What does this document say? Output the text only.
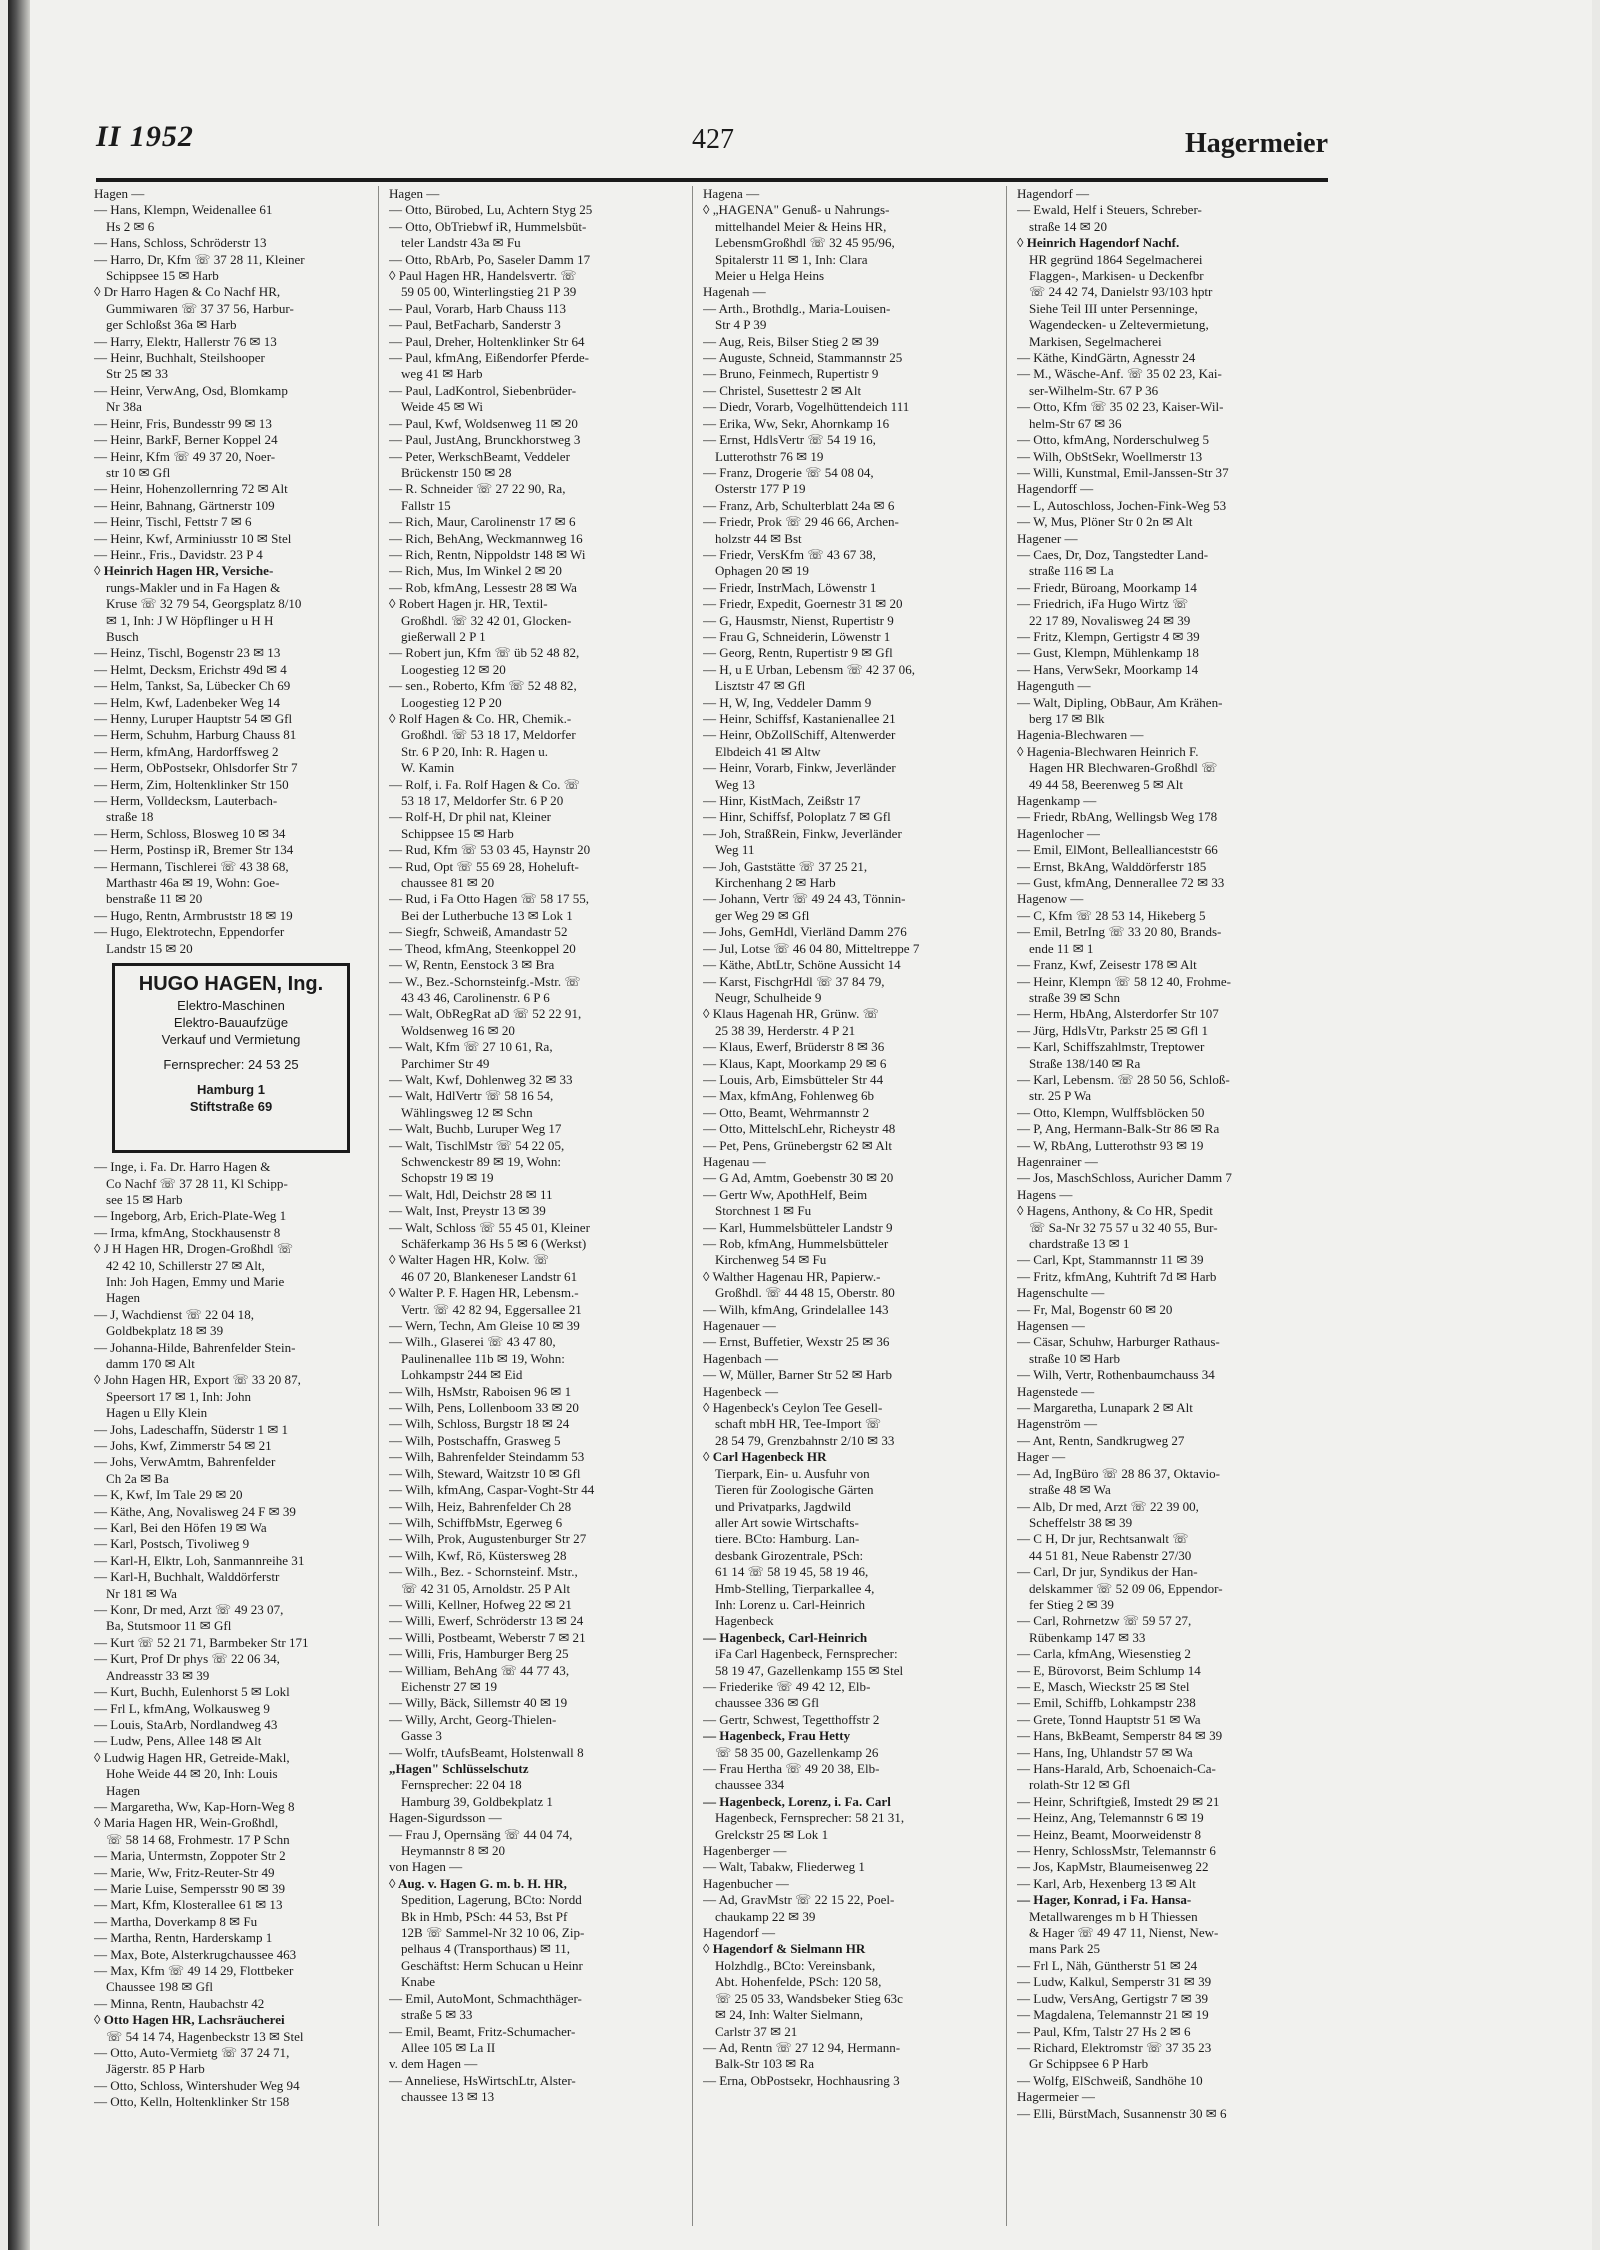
II 1952	427	Hagermeier
Hagen —
— Hans, Klempn, Weidenallee 61
Hs 2 ✉ 6
— Hans, Schloss, Schröderstr 13
— Harro, Dr, Kfm ☏ 37 28 11, Kleiner
Schippsee 15 ✉ Harb
◊ Dr Harro Hagen & Co Nachf HR,
Gummiwaren ☏ 37 37 56, Harbur-
ger Schloßst 36a ✉ Harb
— Harry, Elektr, Hallerstr 76 ✉ 13
— Heinr, Buchhalt, Steilshooper
Str 25 ✉ 33
— Heinr, VerwAng, Osd, Blomkamp
Nr 38a
— Heinr, Fris, Bundesstr 99 ✉ 13
— Heinr, BarkF, Berner Koppel 24
— Heinr, Kfm ☏ 49 37 20, Noer-
str 10 ✉ Gfl
— Heinr, Hohenzollernring 72 ✉ Alt
— Heinr, Bahnang, Gärtnerstr 109
— Heinr, Tischl, Fettstr 7 ✉ 6
— Heinr, Kwf, Arminiusstr 10 ✉ Stel
— Heinr., Fris., Davidstr. 23 P 4
◊ Heinrich Hagen HR, Versiche-
rungs-Makler und in Fa Hagen &
Kruse ☏ 32 79 54, Georgsplatz 8/10
✉ 1, Inh: J W Höpflinger u H H
Busch
— Heinz, Tischl, Bogenstr 23 ✉ 13
— Helmt, Decksm, Erichstr 49d ✉ 4
— Helm, Tankst, Sa, Lübecker Ch 69
— Helm, Kwf, Ladenbeker Weg 14
— Henny, Luruper Hauptstr 54 ✉ Gfl
— Herm, Schuhm, Harburg Chauss 81
— Herm, kfmAng, Hardorffsweg 2
— Herm, ObPostsekr, Ohlsdorfer Str 7
— Herm, Zim, Holtenklinker Str 150
— Herm, Volldecksm, Lauterbach-
straße 18
— Herm, Schloss, Blosweg 10 ✉ 34
— Herm, Postinsp iR, Bremer Str 134
— Hermann, Tischlerei ☏ 43 38 68,
Marthastr 46a ✉ 19, Wohn: Goe-
benstraße 11 ✉ 20
— Hugo, Rentn, Armbruststr 18 ✉ 19
— Hugo, Elektrotechn, Eppendorfer
Landstr 15 ✉ 20
HUGO HAGEN, Ing.
Elektro-Maschinen
Elektro-Bauaufzüge
Verkauf und Vermietung
Fernsprecher: 24 53 25
Hamburg 1
Stiftstraße 69
— Inge, i. Fa. Dr. Harro Hagen &
Co Nachf ☏ 37 28 11, Kl Schipp-
see 15 ✉ Harb
— Ingeborg, Arb, Erich-Plate-Weg 1
— Irma, kfmAng, Stockhausenstr 8
◊ J H Hagen HR, Drogen-Großhdl ☏
42 42 10, Schillerstr 27 ✉ Alt,
Inh: Joh Hagen, Emmy und Marie
Hagen
— J, Wachdienst ☏ 22 04 18,
Goldbekplatz 18 ✉ 39
— Johanna-Hilde, Bahrenfelder Stein-
damm 170 ✉ Alt
◊ John Hagen HR, Export ☏ 33 20 87,
Speersort 17 ✉ 1, Inh: John
Hagen u Elly Klein
— Johs, Ladeschaffn, Süderstr 1 ✉ 1
— Johs, Kwf, Zimmerstr 54 ✉ 21
— Johs, VerwAmtm, Bahrenfelder
Ch 2a ✉ Ba
— K, Kwf, Im Tale 29 ✉ 20
— Käthe, Ang, Novalisweg 24 F ✉ 39
— Karl, Bei den Höfen 19 ✉ Wa
— Karl, Postsch, Tivoliweg 9
— Karl-H, Elktr, Loh, Sanmannreihe 31
— Karl-H, Buchhalt, Walddörferstr
Nr 181 ✉ Wa
— Konr, Dr med, Arzt ☏ 49 23 07,
Ba, Stutsmoor 11 ✉ Gfl
— Kurt ☏ 52 21 71, Barmbeker Str 171
— Kurt, Prof Dr phys ☏ 22 06 34,
Andreasstr 33 ✉ 39
— Kurt, Buchh, Eulenhorst 5 ✉ Lokl
— Frl L, kfmAng, Wolkausweg 9
— Louis, StaArb, Nordlandweg 43
— Ludw, Pens, Allee 148 ✉ Alt
◊ Ludwig Hagen HR, Getreide-Makl,
Hohe Weide 44 ✉ 20, Inh: Louis
Hagen
— Margaretha, Ww, Kap-Horn-Weg 8
◊ Maria Hagen HR, Wein-Großhdl,
☏ 58 14 68, Frohmestr. 17 P Schn
— Maria, Untermstn, Zoppoter Str 2
— Marie, Ww, Fritz-Reuter-Str 49
— Marie Luise, Sempersstr 90 ✉ 39
— Mart, Kfm, Klosterallee 61 ✉ 13
— Martha, Doverkamp 8 ✉ Fu
— Martha, Rentn, Harderskamp 1
— Max, Bote, Alsterkrugchaussee 463
— Max, Kfm ☏ 49 14 29, Flottbeker
Chaussee 198 ✉ Gfl
— Minna, Rentn, Haubachstr 42
◊ Otto Hagen HR, Lachsräucherei
☏ 54 14 74, Hagenbeckstr 13 ✉ Stel
— Otto, Auto-Vermietg ☏ 37 24 71,
Jägerstr. 85 P Harb
— Otto, Schloss, Wintershuder Weg 94
— Otto, Kelln, Holtenklinker Str 158
Hagen —
— Otto, Bürobed, Lu, Achtern Styg 25
— Otto, ObTriebwf iR, Hummelsbüt-
teler Landstr 43a ✉ Fu
— Otto, RbArb, Po, Saseler Damm 17
◊ Paul Hagen HR, Handelsvertr. ☏
59 05 00, Winterlingstieg 21 P 39
— Paul, Vorarb, Harb Chauss 113
— Paul, BetFacharb, Sanderstr 3
— Paul, Dreher, Holtenklinker Str 64
— Paul, kfmAng, Eißendorfer Pferde-
weg 41 ✉ Harb
— Paul, LadKontrol, Siebenbrüder-
Weide 45 ✉ Wi
— Paul, Kwf, Woldsenweg 11 ✉ 20
— Paul, JustAng, Brunckhorstweg 3
— Peter, WerkschBeamt, Veddeler
Brückenstr 150 ✉ 28
— R. Schneider ☏ 27 22 90, Ra,
Fallstr 15
— Rich, Maur, Carolinenstr 17 ✉ 6
— Rich, BehAng, Weckmannweg 16
— Rich, Rentn, Nippoldstr 148 ✉ Wi
— Rich, Mus, Im Winkel 2 ✉ 20
— Rob, kfmAng, Lessestr 28 ✉ Wa
◊ Robert Hagen jr. HR, Textil-
Großhdl. ☏ 32 42 01, Glocken-
gießerwall 2 P 1
— Robert jun, Kfm ☏ üb 52 48 82,
Loogestieg 12 ✉ 20
— sen., Roberto, Kfm ☏ 52 48 82,
Loogestieg 12 P 20
◊ Rolf Hagen & Co. HR, Chemik.-
Großhdl. ☏ 53 18 17, Meldorfer
Str. 6 P 20, Inh: R. Hagen u.
W. Kamin
— Rolf, i. Fa. Rolf Hagen & Co. ☏
53 18 17, Meldorfer Str. 6 P 20
— Rolf-H, Dr phil nat, Kleiner
Schippsee 15 ✉ Harb
— Rud, Kfm ☏ 53 03 45, Haynstr 20
— Rud, Opt ☏ 55 69 28, Hoheluft-
chaussee 81 ✉ 20
— Rud, i Fa Otto Hagen ☏ 58 17 55,
Bei der Lutherbuche 13 ✉ Lok 1
— Siegfr, Schweiß, Amandastr 52
— Theod, kfmAng, Steenkoppel 20
— W, Rentn, Eenstock 3 ✉ Bra
— W., Bez.-Schornsteinfg.-Mstr. ☏
43 43 46, Carolinenstr. 6 P 6
— Walt, ObRegRat aD ☏ 52 22 91,
Woldsenweg 16 ✉ 20
— Walt, Kfm ☏ 27 10 61, Ra,
Parchimer Str 49
— Walt, Kwf, Dohlenweg 32 ✉ 33
— Walt, HdlVertr ☏ 58 16 54,
Wählingsweg 12 ✉ Schn
— Walt, Buchb, Luruper Weg 17
— Walt, TischlMstr ☏ 54 22 05,
Schwenckestr 89 ✉ 19, Wohn:
Schopstr 19 ✉ 19
— Walt, Hdl, Deichstr 28 ✉ 11
— Walt, Inst, Preystr 13 ✉ 39
— Walt, Schloss ☏ 55 45 01, Kleiner
Schäferkamp 36 Hs 5 ✉ 6 (Werkst)
◊ Walter Hagen HR, Kolw. ☏
46 07 20, Blankeneser Landstr 61
◊ Walter P. F. Hagen HR, Lebensm.-
Vertr. ☏ 42 82 94, Eggersallee 21
— Wern, Techn, Am Gleise 10 ✉ 39
— Wilh., Glaserei ☏ 43 47 80,
Paulinenallee 11b ✉ 19, Wohn:
Lohkampstr 244 ✉ Eid
— Wilh, HsMstr, Raboisen 96 ✉ 1
— Wilh, Pens, Lollenboom 33 ✉ 20
— Wilh, Schloss, Burgstr 18 ✉ 24
— Wilh, Postschaffn, Grasweg 5
— Wilh, Bahrenfelder Steindamm 53
— Wilh, Steward, Waitzstr 10 ✉ Gfl
— Wilh, kfmAng, Caspar-Voght-Str 44
— Wilh, Heiz, Bahrenfelder Ch 28
— Wilh, SchiffbMstr, Egerweg 6
— Wilh, Prok, Augustenburger Str 27
— Wilh, Kwf, Rö, Küstersweg 28
— Wilh., Bez. - Schornsteinf. Mstr.,
☏ 42 31 05, Arnoldstr. 25 P Alt
— Willi, Kellner, Hofweg 22 ✉ 21
— Willi, Ewerf, Schröderstr 13 ✉ 24
— Willi, Postbeamt, Weberstr 7 ✉ 21
— Willi, Fris, Hamburger Berg 25
— William, BehAng ☏ 44 77 43,
Eichenstr 27 ✉ 19
— Willy, Bäck, Sillemstr 40 ✉ 19
— Willy, Archt, Georg-Thielen-
Gasse 3
— Wolfr, tAufsBeamt, Holstenwall 8
„Hagen" Schlüsselschutz
Fernsprecher: 22 04 18
Hamburg 39, Goldbekplatz 1
Hagen-Sigurdsson —
— Frau J, Opernsäng ☏ 44 04 74,
Heymannstr 8 ✉ 20
von Hagen —
◊ Aug. v. Hagen G. m. b. H. HR,
Spedition, Lagerung, BCto: Nordd
Bk in Hmb, PSch: 44 53, Bst Pf
12B ☏ Sammel-Nr 32 10 06, Zip-
pelhaus 4 (Transporthaus) ✉ 11,
Geschäftst: Herm Schucan u Heinr
Knabe
— Emil, AutoMont, Schmachthäger-
straße 5 ✉ 33
— Emil, Beamt, Fritz-Schumacher-
Allee 105 ✉ La II
v. dem Hagen —
— Anneliese, HsWirtschLtr, Alster-
chaussee 13 ✉ 13
Hagena —
◊ „HAGENA" Genuß- u Nahrungs-
mittelhandel Meier & Heins HR,
LebensmGroßhdl ☏ 32 45 95/96,
Spitalerstr 11 ✉ 1, Inh: Clara
Meier u Helga Heins
Hagenah —
— Arth., Brothdlg., Maria-Louisen-
Str 4 P 39
— Aug, Reis, Bilser Stieg 2 ✉ 39
— Auguste, Schneid, Stammannstr 25
— Bruno, Feinmech, Rupertistr 9
— Christel, Susettestr 2 ✉ Alt
— Diedr, Vorarb, Vogelhüttendeich 111
— Erika, Ww, Sekr, Ahornkamp 16
— Ernst, HdlsVertr ☏ 54 19 16,
Lutterothstr 76 ✉ 19
— Franz, Drogerie ☏ 54 08 04,
Osterstr 177 P 19
— Franz, Arb, Schulterblatt 24a ✉ 6
— Friedr, Prok ☏ 29 46 66, Archen-
holzstr 44 ✉ Bst
— Friedr, VersKfm ☏ 43 67 38,
Ophagen 20 ✉ 19
— Friedr, InstrMach, Löwenstr 1
— Friedr, Expedit, Goernestr 31 ✉ 20
— G, Hausmstr, Nienst, Rupertistr 9
— Frau G, Schneiderin, Löwenstr 1
— Georg, Rentn, Rupertistr 9 ✉ Gfl
— H, u E Urban, Lebensm ☏ 42 37 06,
Lisztstr 47 ✉ Gfl
— H, W, Ing, Veddeler Damm 9
— Heinr, Schiffsf, Kastanienallee 21
— Heinr, ObZollSchiff, Altenwerder
Elbdeich 41 ✉ Altw
— Heinr, Vorarb, Finkw, Jeverländer
Weg 13
— Hinr, KistMach, Zeißstr 17
— Hinr, Schiffsf, Poloplatz 7 ✉ Gfl
— Joh, StraßRein, Finkw, Jeverländer
Weg 11
— Joh, Gaststätte ☏ 37 25 21,
Kirchenhang 2 ✉ Harb
— Johann, Vertr ☏ 49 24 43, Tönnin-
ger Weg 29 ✉ Gfl
— Johs, GemHdl, Vierländ Damm 276
— Jul, Lotse ☏ 46 04 80, Mitteltreppe 7
— Käthe, AbtLtr, Schöne Aussicht 14
— Karst, FischgrHdl ☏ 37 84 79,
Neugr, Schulheide 9
◊ Klaus Hagenah HR, Grünw. ☏
25 38 39, Herderstr. 4 P 21
— Klaus, Ewerf, Brüderstr 8 ✉ 36
— Klaus, Kapt, Moorkamp 29 ✉ 6
— Louis, Arb, Eimsbütteler Str 44
— Max, kfmAng, Fohlenweg 6b
— Otto, Beamt, Wehrmannstr 2
— Otto, MittelschLehr, Richeystr 48
— Pet, Pens, Grünebergstr 62 ✉ Alt
Hagenau —
— G Ad, Amtm, Goebenstr 30 ✉ 20
— Gertr Ww, ApothHelf, Beim
Storchnest 1 ✉ Fu
— Karl, Hummelsbütteler Landstr 9
— Rob, kfmAng, Hummelsbütteler
Kirchenweg 54 ✉ Fu
◊ Walther Hagenau HR, Papierw.-
Großhdl. ☏ 44 48 15, Oberstr. 80
— Wilh, kfmAng, Grindelallee 143
Hagenauer —
— Ernst, Buffetier, Wexstr 25 ✉ 36
Hagenbach —
— W, Müller, Barner Str 52 ✉ Harb
Hagenbeck —
◊ Hagenbeck's Ceylon Tee Gesell-
schaft mbH HR, Tee-Import ☏
28 54 79, Grenzbahnstr 2/10 ✉ 33
◊ Carl Hagenbeck HR
Tierpark, Ein- u. Ausfuhr von
Tieren für Zoologische Gärten
und Privatparks, Jagdwild
aller Art sowie Wirtschafts-
tiere. BCto: Hamburg. Lan-
desbank Girozentrale, PSch:
61 14 ☏ 58 19 45, 58 19 46,
Hmb-Stelling, Tierparkallee 4,
Inh: Lorenz u. Carl-Heinrich
Hagenbeck
— Hagenbeck, Carl-Heinrich
iFa Carl Hagenbeck, Fernsprecher:
58 19 47, Gazellenkamp 155 ✉ Stel
— Friederike ☏ 49 42 12, Elb-
chaussee 336 ✉ Gfl
— Gertr, Schwest, Tegetthoffstr 2
— Hagenbeck, Frau Hetty
☏ 58 35 00, Gazellenkamp 26
— Frau Hertha ☏ 49 20 38, Elb-
chaussee 334
— Hagenbeck, Lorenz, i. Fa. Carl
Hagenbeck, Fernsprecher: 58 21 31,
Grelckstr 25 ✉ Lok 1
Hagenberger —
— Walt, Tabakw, Fliederweg 1
Hagenbucher —
— Ad, GravMstr ☏ 22 15 22, Poel-
chaukamp 22 ✉ 39
Hagendorf —
◊ Hagendorf & Sielmann HR
Holzhdlg., BCto: Vereinsbank,
Abt. Hohenfelde, PSch: 120 58,
☏ 25 05 33, Wandsbeker Stieg 63c
✉ 24, Inh: Walter Sielmann,
Carlstr 37 ✉ 21
— Ad, Rentn ☏ 27 12 94, Hermann-
Balk-Str 103 ✉ Ra
— Erna, ObPostsekr, Hochhausring 3
Hagendorf —
— Ewald, Helf i Steuers, Schreber-
straße 14 ✉ 20
◊ Heinrich Hagendorf Nachf.
HR gegründ 1864 Segelmacherei
Flaggen-, Markisen- u Deckenfbr
☏ 24 42 74, Danielstr 93/103 hptr
Siehe Teil III unter Persenninge,
Wagendecken- u Zeltevermietung,
Markisen, Segelmacherei
— Käthe, KindGärtn, Agnesstr 24
— M., Wäsche-Anf. ☏ 35 02 23, Kai-
ser-Wilhelm-Str. 67 P 36
— Otto, Kfm ☏ 35 02 23, Kaiser-Wil-
helm-Str 67 ✉ 36
— Otto, kfmAng, Norderschulweg 5
— Wilh, ObStSekr, Woellmerstr 13
— Willi, Kunstmal, Emil-Janssen-Str 37
Hagendorff —
— L, Autoschloss, Jochen-Fink-Weg 53
— W, Mus, Plöner Str 0 2n ✉ Alt
Hagener —
— Caes, Dr, Doz, Tangstedter Land-
straße 116 ✉ La
— Friedr, Büroang, Moorkamp 14
— Friedrich, iFa Hugo Wirtz ☏
22 17 89, Novalisweg 24 ✉ 39
— Fritz, Klempn, Gertigstr 4 ✉ 39
— Gust, Klempn, Mühlenkamp 18
— Hans, VerwSekr, Moorkamp 14
Hagenguth —
— Walt, Dipling, ObBaur, Am Krähen-
berg 17 ✉ Blk
Hagenia-Blechwaren —
◊ Hagenia-Blechwaren Heinrich F.
Hagen HR Blechwaren-Großhdl ☏
49 44 58, Beerenweg 5 ✉ Alt
Hagenkamp —
— Friedr, RbAng, Wellingsb Weg 178
Hagenlocher —
— Emil, ElMont, Belleallianceststr 66
— Ernst, BkAng, Walddörferstr 185
— Gust, kfmAng, Dennerallee 72 ✉ 33
Hagenow —
— C, Kfm ☏ 28 53 14, Hikeberg 5
— Emil, BetrIng ☏ 33 20 80, Brands-
ende 11 ✉ 1
— Franz, Kwf, Zeisestr 178 ✉ Alt
— Heinr, Klempn ☏ 58 12 40, Frohme-
straße 39 ✉ Schn
— Herm, HbAng, Alsterdorfer Str 107
— Jürg, HdlsVtr, Parkstr 25 ✉ Gfl 1
— Karl, Schiffszahlmstr, Treptower
Straße 138/140 ✉ Ra
— Karl, Lebensm. ☏ 28 50 56, Schloß-
str. 25 P Wa
— Otto, Klempn, Wulffsblöcken 50
— P, Ang, Hermann-Balk-Str 86 ✉ Ra
— W, RbAng, Lutterothstr 93 ✉ 19
Hagenrainer —
— Jos, MaschSchloss, Auricher Damm 7
Hagens —
◊ Hagens, Anthony, & Co HR, Spedit
☏ Sa-Nr 32 75 57 u 32 40 55, Bur-
chardstraße 13 ✉ 1
— Carl, Kpt, Stammannstr 11 ✉ 39
— Fritz, kfmAng, Kuhtrift 7d ✉ Harb
Hagenschulte —
— Fr, Mal, Bogenstr 60 ✉ 20
Hagensen —
— Cäsar, Schuhw, Harburger Rathaus-
straße 10 ✉ Harb
— Wilh, Vertr, Rothenbaumchauss 34
Hagenstede —
— Margaretha, Lunapark 2 ✉ Alt
Hagenström —
— Ant, Rentn, Sandkrugweg 27
Hager —
— Ad, IngBüro ☏ 28 86 37, Oktavio-
straße 48 ✉ Wa
— Alb, Dr med, Arzt ☏ 22 39 00,
Scheffelstr 38 ✉ 39
— C H, Dr jur, Rechtsanwalt ☏
44 51 81, Neue Rabenstr 27/30
— Carl, Dr jur, Syndikus der Han-
delskammer ☏ 52 09 06, Eppendor-
fer Stieg 2 ✉ 39
— Carl, Rohrnetzw ☏ 59 57 27,
Rübenkamp 147 ✉ 33
— Carla, kfmAng, Wiesenstieg 2
— E, Bürovorst, Beim Schlump 14
— E, Masch, Wieckstr 25 ✉ Stel
— Emil, Schiffb, Lohkampstr 238
— Grete, Tonnd Hauptstr 51 ✉ Wa
— Hans, BkBeamt, Semperstr 84 ✉ 39
— Hans, Ing, Uhlandstr 57 ✉ Wa
— Hans-Harald, Arb, Schoenaich-Ca-
rolath-Str 12 ✉ Gfl
— Heinr, Schriftgieß, Imstedt 29 ✉ 21
— Heinz, Ang, Telemannstr 6 ✉ 19
— Heinz, Beamt, Moorweidenstr 8
— Henry, SchlossMstr, Telemannstr 6
— Jos, KapMstr, Blaumeisenweg 22
— Karl, Arb, Hexenberg 13 ✉ Alt
— Hager, Konrad, i Fa. Hansa-
Metallwarenges m b H Thiessen
& Hager ☏ 49 47 11, Nienst, New-
mans Park 25
— Frl L, Näh, Güntherstr 51 ✉ 24
— Ludw, Kalkul, Semperstr 31 ✉ 39
— Ludw, VersAng, Gertigstr 7 ✉ 39
— Magdalena, Telemannstr 21 ✉ 19
— Paul, Kfm, Talstr 27 Hs 2 ✉ 6
— Richard, Elektromstr ☏ 37 35 23
Gr Schippsee 6 P Harb
— Wolfg, ElSchweiß, Sandhöhe 10
Hagermeier —
— Elli, BürstMach, Susannenstr 30 ✉ 6
